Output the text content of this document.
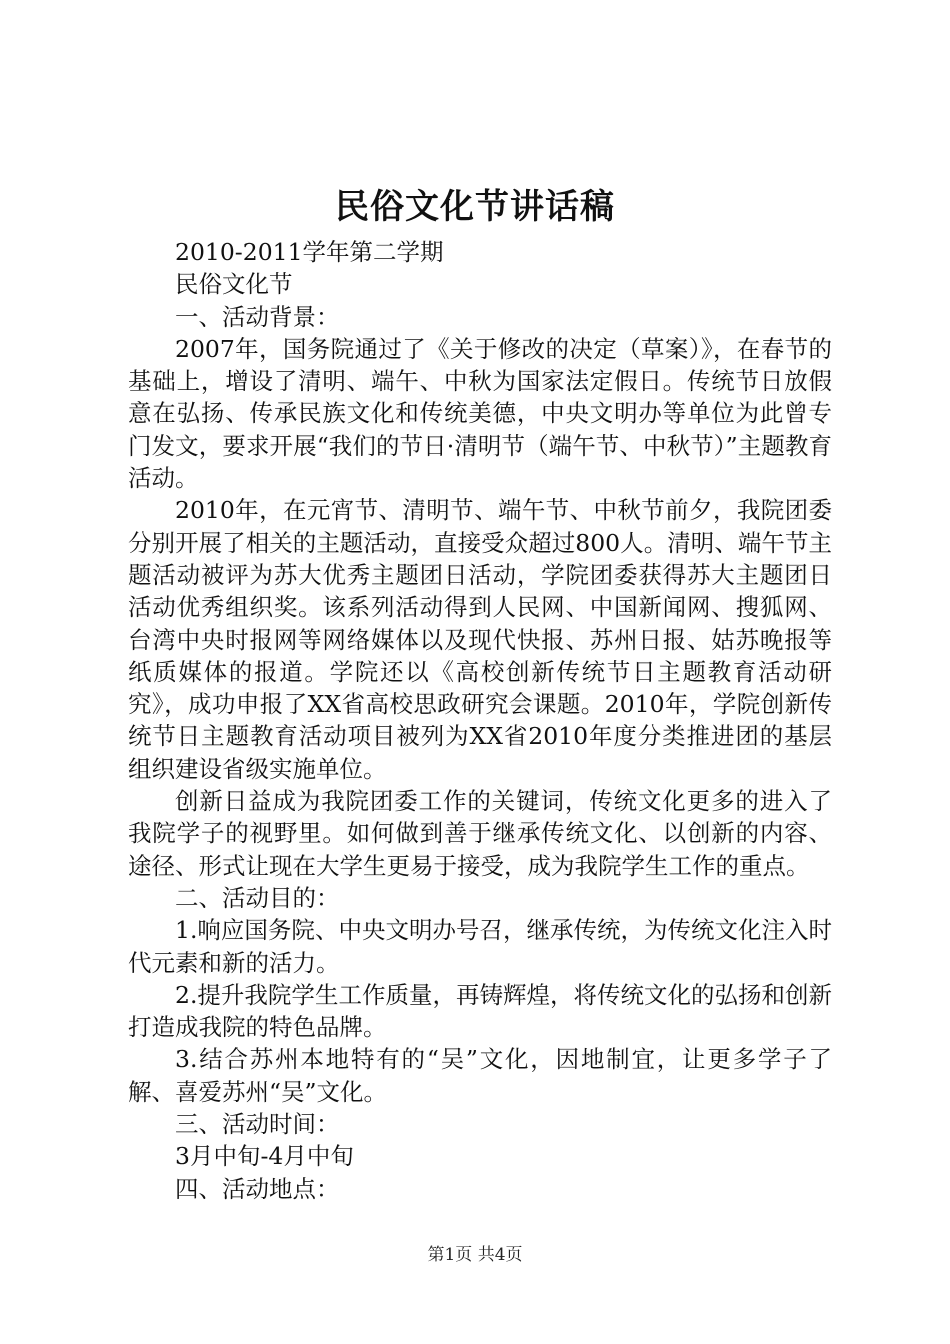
民俗文化节讲话稿

2010-2011学年第二学期

民俗文化节

一、活动背景：

2007年，国务院通过了《关于修改的决定（草案）》，在春节的基础上，增设了清明、端午、中秋为国家法定假日。传统节日放假意在弘扬、传承民族文化和传统美德，中央文明办等单位为此曾专门发文，要求开展“我们的节日·清明节（端午节、中秋节）”主题教育活动。

2010年，在元宵节、清明节、端午节、中秋节前夕，我院团委分别开展了相关的主题活动，直接受众超过800人。清明、端午节主题活动被评为苏大优秀主题团日活动，学院团委获得苏大主题团日活动优秀组织奖。该系列活动得到人民网、中国新闻网、搜狐网、台湾中央时报网等网络媒体以及现代快报、苏州日报、姑苏晚报等纸质媒体的报道。学院还以《高校创新传统节日主题教育活动研究》，成功申报了XX省高校思政研究会课题。2010年，学院创新传统节日主题教育活动项目被列为XX省2010年度分类推进团的基层组织建设省级实施单位。

创新日益成为我院团委工作的关键词，传统文化更多的进入了我院学子的视野里。如何做到善于继承传统文化、以创新的内容、途径、形式让现在大学生更易于接受，成为我院学生工作的重点。

二、活动目的：

1.响应国务院、中央文明办号召，继承传统，为传统文化注入时代元素和新的活力。

2.提升我院学生工作质量，再铸辉煌，将传统文化的弘扬和创新打造成我院的特色品牌。

3.结合苏州本地特有的“吴”文化，因地制宜，让更多学子了解、喜爱苏州“吴”文化。

三、活动时间：

3月中旬-4月中旬

四、活动地点：

第1页 共4页
